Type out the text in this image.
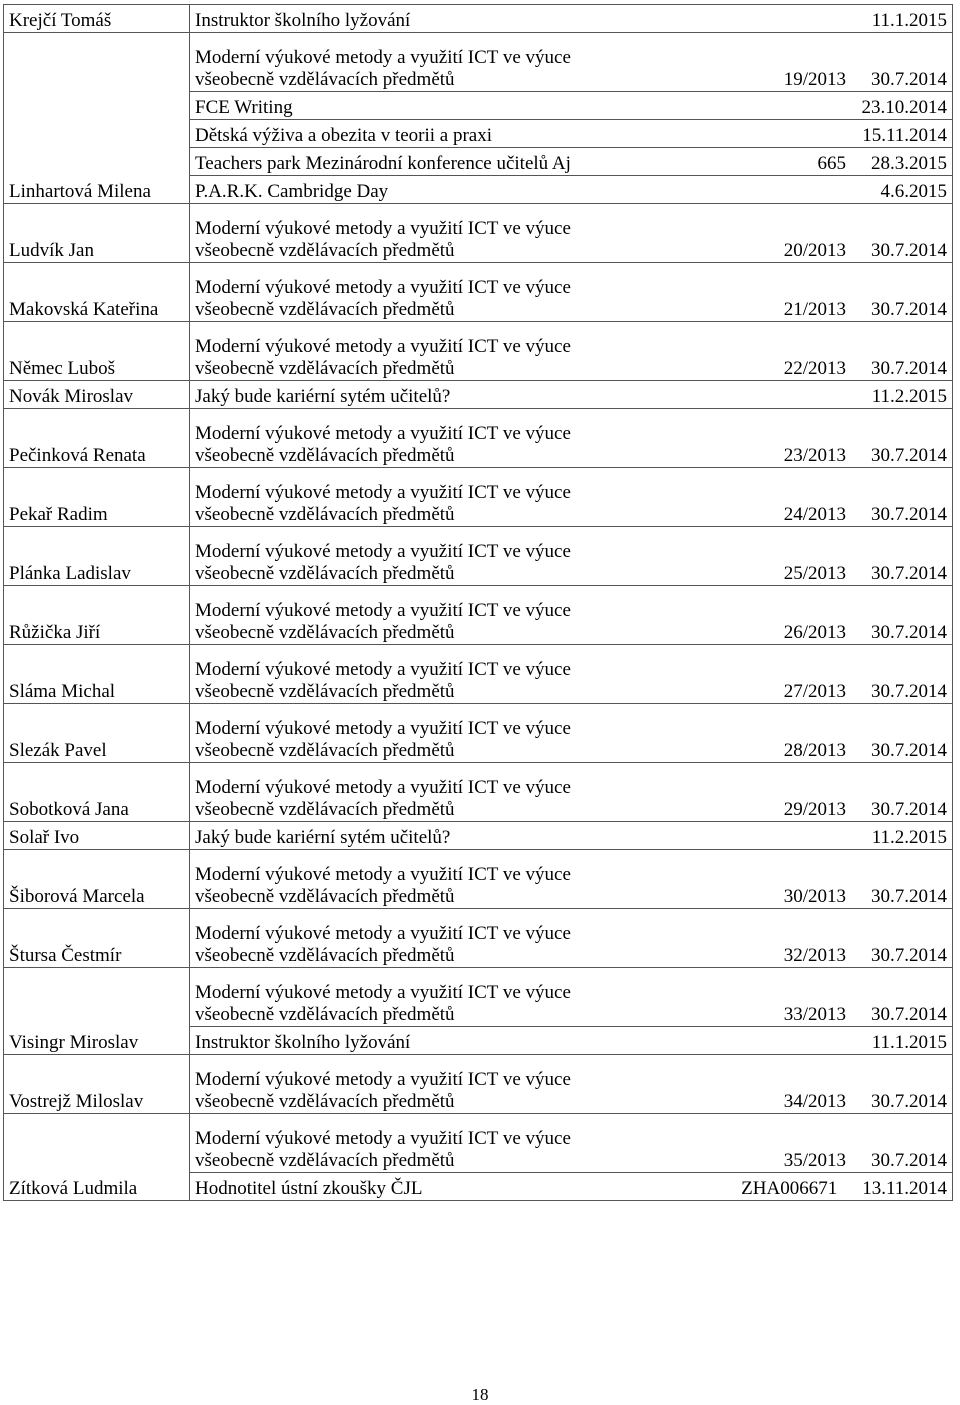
Krejčí Tomáš	Instruktor školního lyžování 11.1.2015

Linhartová Milena	Moderní výukové metody a využití ICT ve výuce
všeobecně vzdělávacích předmětů 19/2013 30.7.2014

	FCE Writing 23.10.2014

	Dětská výživa a obezita v teorii a praxi 15.11.2014

	Teachers park Mezinárodní konference učitelů Aj 665 28.3.2015

	P.A.R.K. Cambridge Day 4.6.2015

Ludvík Jan	Moderní výukové metody a využití ICT ve výuce
všeobecně vzdělávacích předmětů 20/2013 30.7.2014

Makovská Kateřina	Moderní výukové metody a využití ICT ve výuce
všeobecně vzdělávacích předmětů 21/2013 30.7.2014

Němec Luboš	Moderní výukové metody a využití ICT ve výuce
všeobecně vzdělávacích předmětů 22/2013 30.7.2014

Novák Miroslav	Jaký bude kariérní sytém učitelů? 11.2.2015

Pečinková Renata	Moderní výukové metody a využití ICT ve výuce
všeobecně vzdělávacích předmětů 23/2013 30.7.2014

Pekař Radim	Moderní výukové metody a využití ICT ve výuce
všeobecně vzdělávacích předmětů 24/2013 30.7.2014

Plánka Ladislav	Moderní výukové metody a využití ICT ve výuce
všeobecně vzdělávacích předmětů 25/2013 30.7.2014

Růžička Jiří	Moderní výukové metody a využití ICT ve výuce
všeobecně vzdělávacích předmětů 26/2013 30.7.2014

Sláma Michal	Moderní výukové metody a využití ICT ve výuce
všeobecně vzdělávacích předmětů 27/2013 30.7.2014

Slezák Pavel	Moderní výukové metody a využití ICT ve výuce
všeobecně vzdělávacích předmětů 28/2013 30.7.2014

Sobotková Jana	Moderní výukové metody a využití ICT ve výuce
všeobecně vzdělávacích předmětů 29/2013 30.7.2014

Solař Ivo	Jaký bude kariérní sytém učitelů? 11.2.2015

Šiborová Marcela	Moderní výukové metody a využití ICT ve výuce
všeobecně vzdělávacích předmětů 30/2013 30.7.2014

Štursa Čestmír	Moderní výukové metody a využití ICT ve výuce
všeobecně vzdělávacích předmětů 32/2013 30.7.2014

Visingr Miroslav	Moderní výukové metody a využití ICT ve výuce
všeobecně vzdělávacích předmětů 33/2013 30.7.2014

	Instruktor školního lyžování 11.1.2015

Vostrejž Miloslav	Moderní výukové metody a využití ICT ve výuce
všeobecně vzdělávacích předmětů 34/2013 30.7.2014

Zítková Ludmila	Moderní výukové metody a využití ICT ve výuce
všeobecně vzdělávacích předmětů 35/2013 30.7.2014

	Hodnotitel ústní zkoušky ČJL ZHA006671 13.11.2014
18
